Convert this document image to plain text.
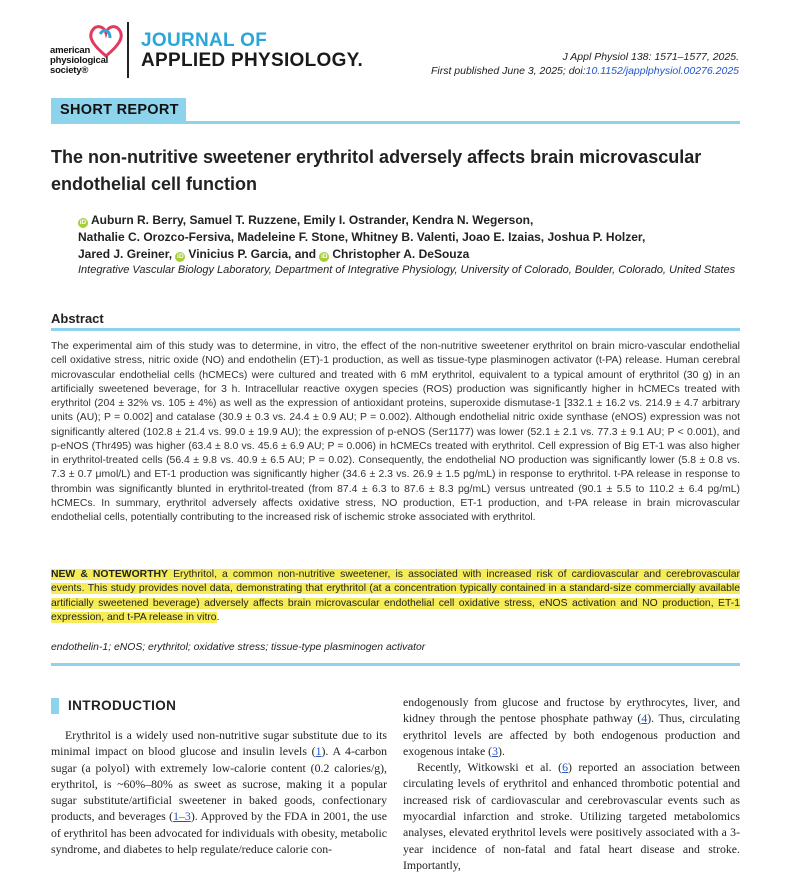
american
physiological
society®
JOURNAL OF
APPLIED PHYSIOLOGY.	J Appl Physiol 138: 1571–1577, 2025.
First published June 3, 2025; doi:10.1152/japplphysiol.00276.2025
SHORT REPORT
The non-nutritive sweetener erythritol adversely affects brain microvascular endothelial cell function
iD Auburn R. Berry, Samuel T. Ruzzene, Emily I. Ostrander, Kendra N. Wegerson,
Nathalie C. Orozco-Fersiva, Madeleine F. Stone, Whitney B. Valenti, Joao E. Izaias, Joshua P. Holzer,
Jared J. Greiner, iD Vinicius P. Garcia, and iD Christopher A. DeSouza
Integrative Vascular Biology Laboratory, Department of Integrative Physiology, University of Colorado, Boulder, Colorado, United States
Abstract
The experimental aim of this study was to determine, in vitro, the effect of the non-nutritive sweetener erythritol on brain micro-vascular endothelial cell oxidative stress, nitric oxide (NO) and endothelin (ET)-1 production, as well as tissue-type plasminogen activator (t-PA) release. Human cerebral microvascular endothelial cells (hCMECs) were cultured and treated with 6 mM erythritol, equivalent to a typical amount of erythritol (30 g) in an artificially sweetened beverage, for 3 h. Intracellular reactive oxygen species (ROS) production was significantly higher in hCMECs treated with erythritol (204 ± 32% vs. 105 ± 4%) as well as the expression of antioxidant proteins, superoxide dismutase-1 [332.1 ± 16.2 vs. 214.9 ± 4.7 arbitrary units (AU); P = 0.002] and catalase (30.9 ± 0.3 vs. 24.4 ± 0.9 AU; P = 0.002). Although endothelial nitric oxide synthase (eNOS) expression was not significantly altered (102.8 ± 21.4 vs. 99.0 ± 19.9 AU); the expression of p-eNOS (Ser1177) was lower (52.1 ± 2.1 vs. 77.3 ± 9.1 AU; P < 0.001), and p-eNOS (Thr495) was higher (63.4 ± 8.0 vs. 45.6 ± 6.9 AU; P = 0.006) in hCMECs treated with erythritol. Cell expression of Big ET-1 was also higher in erythritol-treated cells (56.4 ± 9.8 vs. 40.9 ± 6.5 AU; P = 0.02). Consequently, the endothelial NO production was significantly lower (5.8 ± 0.8 vs. 7.3 ± 0.7 μmol/L) and ET-1 production was significantly higher (34.6 ± 2.3 vs. 26.9 ± 1.5 pg/mL) in response to erythritol. t-PA release in response to thrombin was significantly blunted in erythritol-treated (from 87.4 ± 6.3 to 87.6 ± 8.3 pg/mL) versus untreated (90.1 ± 5.5 to 110.2 ± 6.4 pg/mL) hCMECs. In summary, erythritol adversely affects oxidative stress, NO production, ET-1 production, and t-PA release in brain microvascular endothelial cells, potentially contributing to the increased risk of ischemic stroke associated with erythritol.
NEW & NOTEWORTHY Erythritol, a common non-nutritive sweetener, is associated with increased risk of cardiovascular and cerebrovascular events. This study provides novel data, demonstrating that erythritol (at a concentration typically contained in a standard-size commercially available artificially sweetened beverage) adversely affects brain microvascular endothelial cell oxidative stress, eNOS activation and NO production, ET-1 expression, and t-PA release in vitro.
endothelin-1; eNOS; erythritol; oxidative stress; tissue-type plasminogen activator
INTRODUCTION

Erythritol is a widely used non-nutritive sugar substitute due to its minimal impact on blood glucose and insulin levels (1). A 4-carbon sugar (a polyol) with extremely low-calorie content (0.2 calories/g), erythritol, is ~60%–80% as sweet as sucrose, making it a popular sugar substitute/artificial sweetener in baked goods, confectionary products, and beverages (1–3). Approved by the FDA in 2001, the use of erythritol has been advocated for individuals with obesity, metabolic syndrome, and diabetes to help regulate/reduce calorie con-

endogenously from glucose and fructose by erythrocytes, liver, and kidney through the pentose phosphate pathway (4). Thus, circulating erythritol levels are affected by both endogenous production and exogenous intake (3).

Recently, Witkowski et al. (6) reported an association between circulating levels of erythritol and enhanced thrombotic potential and increased risk of cardiovascular and cerebrovascular events such as myocardial infarction and stroke. Utilizing targeted metabolomics analyses, elevated erythritol levels were positively associated with a 3-year incidence of non-fatal and fatal heart disease and stroke. Importantly,
